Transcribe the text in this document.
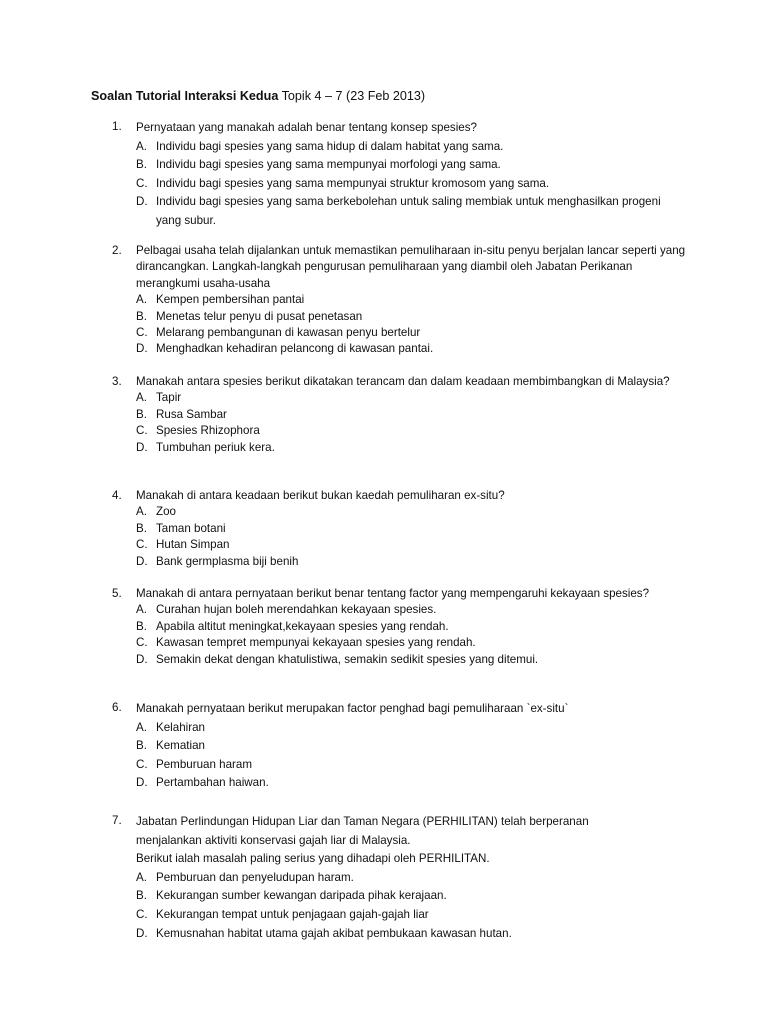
Soalan Tutorial Interaksi Kedua Topik 4 – 7 (23 Feb 2013)
1.	Pernyataan yang manakah adalah benar tentang konsep spesies?
A. Individu bagi spesies yang sama hidup di dalam habitat yang sama.
B. Individu bagi spesies yang sama mempunyai morfologi yang sama.
C. Individu bagi spesies yang sama mempunyai struktur kromosom yang sama.
D. Individu bagi spesies yang sama berkebolehan untuk saling membiak untuk menghasilkan progeni yang subur.
2.	Pelbagai usaha telah dijalankan untuk memastikan pemuliharaan in-situ penyu berjalan lancar seperti yang dirancangkan. Langkah-langkah pengurusan pemuliharaan yang diambil oleh Jabatan Perikanan merangkumi usaha-usaha
A. Kempen pembersihan pantai
B. Menetas telur penyu di pusat penetasan
C. Melarang pembangunan di kawasan penyu bertelur
D. Menghadkan kehadiran pelancong di kawasan pantai.
3.	Manakah antara spesies berikut dikatakan terancam dan dalam keadaan membimbangkan di Malaysia?
A. Tapir
B. Rusa Sambar
C. Spesies Rhizophora
D. Tumbuhan periuk kera.
4.	Manakah di antara keadaan berikut bukan kaedah pemuliharan ex-situ?
A. Zoo
B. Taman botani
C. Hutan Simpan
D. Bank germplasma biji benih
5.	Manakah di antara pernyataan berikut benar tentang factor yang mempengaruhi kekayaan spesies?
A. Curahan hujan boleh merendahkan kekayaan spesies.
B. Apabila altitut meningkat,kekayaan spesies yang rendah.
C. Kawasan tempret mempunyai kekayaan spesies yang rendah.
D. Semakin dekat dengan khatulistiwa, semakin sedikit spesies yang ditemui.
6.	Manakah pernyataan berikut merupakan factor penghad bagi pemuliharaan `ex-situ`
A. Kelahiran
B. Kematian
C. Pemburuan haram
D. Pertambahan haiwan.
7.	Jabatan Perlindungan Hidupan Liar dan Taman Negara (PERHILITAN) telah berperanan menjalankan aktiviti konservasi gajah liar di Malaysia.
Berikut ialah masalah paling serius yang dihadapi oleh PERHILITAN.
A. Pemburuan dan penyeludupan haram.
B. Kekurangan sumber kewangan daripada pihak kerajaan.
C. Kekurangan tempat untuk penjagaan gajah-gajah liar
D. Kemusnahan habitat utama gajah akibat pembukaan kawasan hutan.
